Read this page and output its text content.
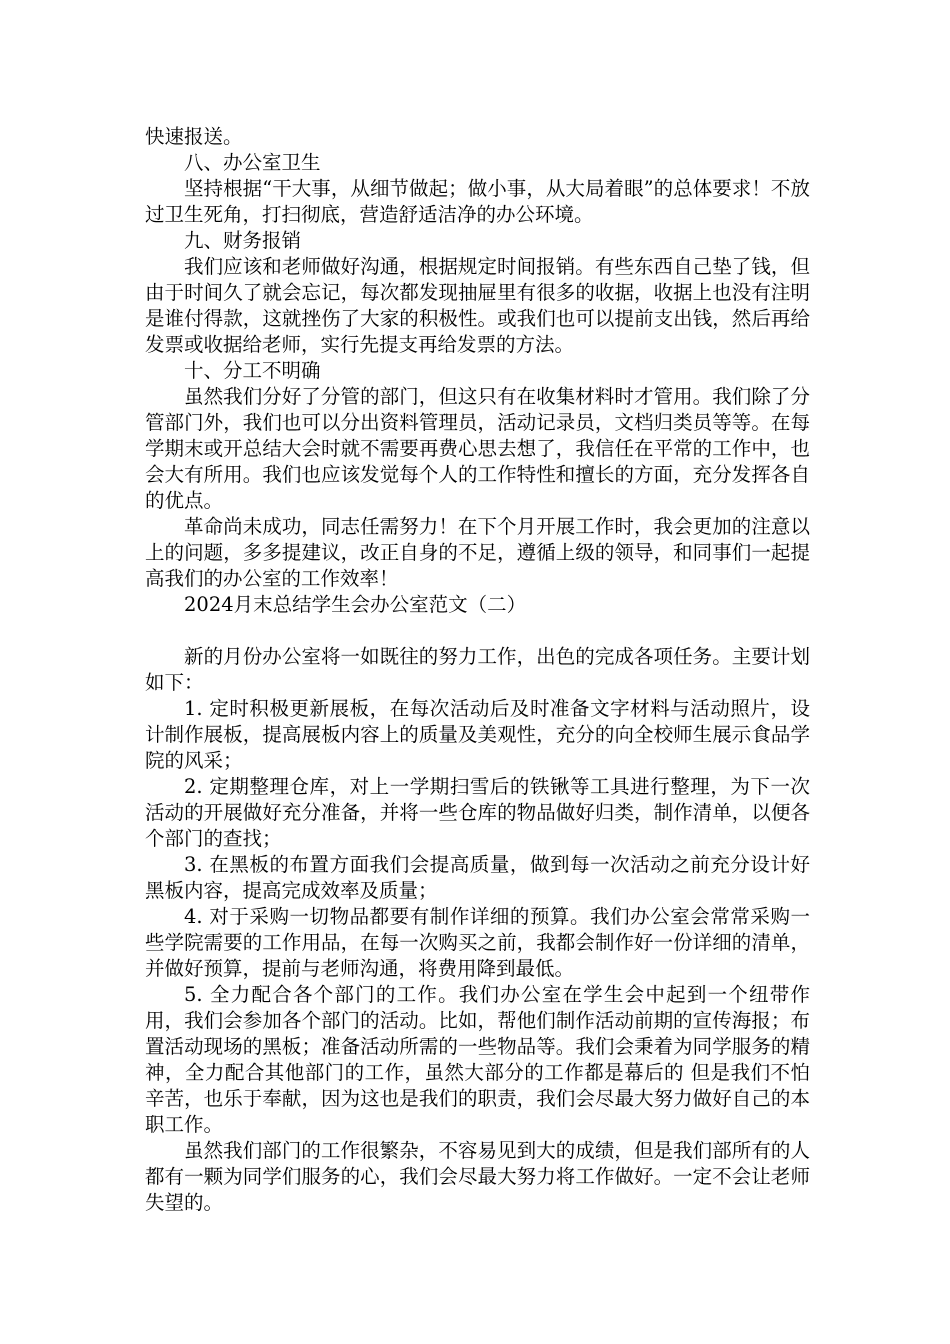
快速报送。

八、办公室卫生

坚持根据“干大事，从细节做起；做小事，从大局着眼”的总体要求！不放过卫生死角，打扫彻底，营造舒适洁净的办公环境。

九、财务报销

我们应该和老师做好沟通，根据规定时间报销。有些东西自己垫了钱，但由于时间久了就会忘记，每次都发现抽屉里有很多的收据，收据上也没有注明是谁付得款，这就挫伤了大家的积极性。或我们也可以提前支出钱，然后再给发票或收据给老师，实行先提支再给发票的方法。

十、分工不明确

虽然我们分好了分管的部门，但这只有在收集材料时才管用。我们除了分管部门外，我们也可以分出资料管理员，活动记录员，文档归类员等等。在每学期末或开总结大会时就不需要再费心思去想了，我信任在平常的工作中，也会大有所用。我们也应该发觉每个人的工作特性和擅长的方面，充分发挥各自的优点。

革命尚未成功，同志任需努力！在下个月开展工作时，我会更加的注意以上的问题，多多提建议，改正自身的不足，遵循上级的领导，和同事们一起提高我们的办公室的工作效率！

2024月末总结学生会办公室范文（二）

新的月份办公室将一如既往的努力工作，出色的完成各项任务。主要计划如下：

1. 定时积极更新展板，在每次活动后及时准备文字材料与活动照片，设计制作展板，提高展板内容上的质量及美观性，充分的向全校师生展示食品学院的风采；

2. 定期整理仓库，对上一学期扫雪后的铁锹等工具进行整理，为下一次活动的开展做好充分准备，并将一些仓库的物品做好归类，制作清单，以便各个部门的查找；

3. 在黑板的布置方面我们会提高质量，做到每一次活动之前充分设计好黑板内容，提高完成效率及质量；

4. 对于采购一切物品都要有制作详细的预算。我们办公室会常常采购一些学院需要的工作用品，在每一次购买之前，我都会制作好一份详细的清单，并做好预算，提前与老师沟通，将费用降到最低。

5. 全力配合各个部门的工作。我们办公室在学生会中起到一个纽带作用，我们会参加各个部门的活动。比如，帮他们制作活动前期的宣传海报；布置活动现场的黑板；准备活动所需的一些物品等。我们会秉着为同学服务的精神，全力配合其他部门的工作，虽然大部分的工作都是幕后的 但是我们不怕辛苦，也乐于奉献，因为这也是我们的职责，我们会尽最大努力做好自己的本职工作。

虽然我们部门的工作很繁杂，不容易见到大的成绩，但是我们部所有的人都有一颗为同学们服务的心，我们会尽最大努力将工作做好。一定不会让老师失望的。
